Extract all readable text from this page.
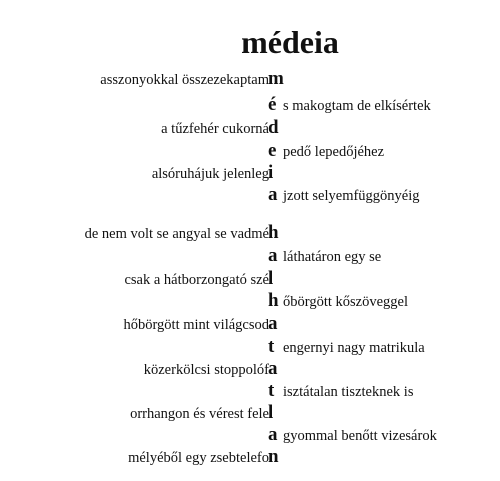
médeia
asszonyokkal összezekaptam m
é s makogtam de elkísértek
a tűzfehér cukorná d
e pedő lepedőjéhez
alsóruhájuk jelenleg i
a jzott selyemfüggönyéig
de nem volt se angyal se vadmé h
a láthatáron egy se
csak a hátborzongató szé l
h őbörgött kőszöveggel
hőbörgött mint világcsod a
t engernyi nagy matrikula
közerkölcsi stoppolóf a
t isztátalan tiszteknek is
orrhangon és vérest fele l
a gyommal benőtt vizesárok
mélyéből egy zsebtelefo n
